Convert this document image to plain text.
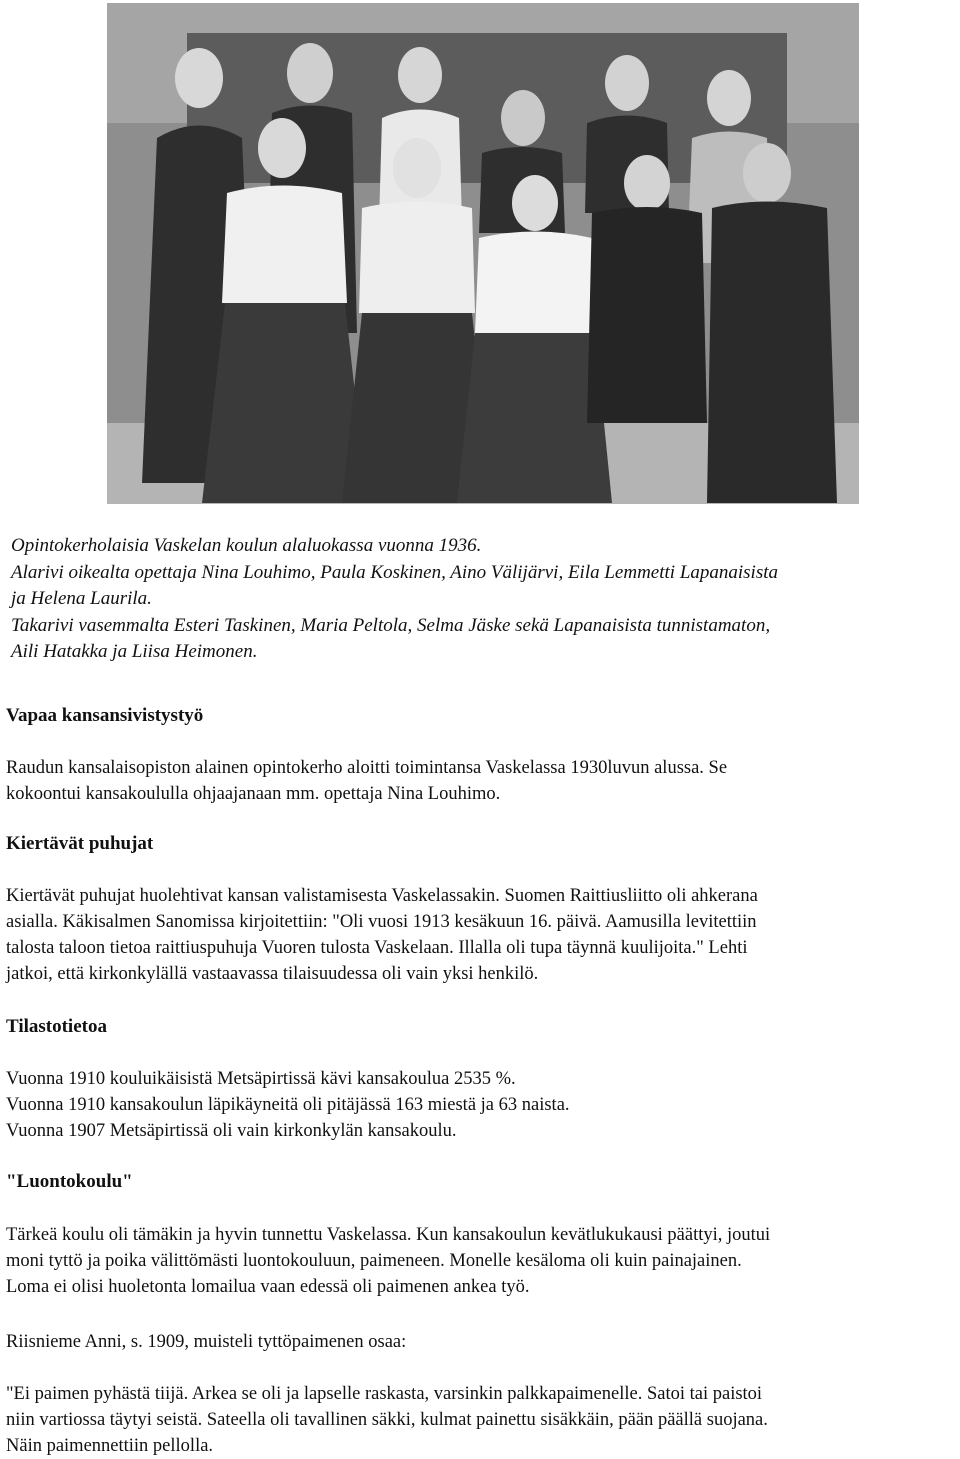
Opintokerholaisia Vaskelan koulun alaluokassa vuonna 1936.
Alarivi oikealta opettaja Nina Louhimo, Paula Koskinen, Aino Välijärvi, Eila Lemmetti Lapanaisista
ja Helena Laurila.
Takarivi vasemmalta Esteri Taskinen, Maria Peltola, Selma Jäske sekä Lapanaisista tunnistamaton,
Aili Hatakka ja Liisa Heimonen.
Vapaa kansansivistystyö
Raudun kansalaisopiston alainen opintokerho aloitti toimintansa Vaskelassa 1930luvun alussa. Se
kokoontui kansakoululla ohjaajanaan mm. opettaja Nina Louhimo.
Kiertävät puhujat
Kiertävät puhujat huolehtivat kansan valistamisesta Vaskelassakin. Suomen Raittiusliitto oli ahkerana
asialla. Käkisalmen Sanomissa kirjoitettiin: "Oli vuosi 1913 kesäkuun 16. päivä. Aamusilla levitettiin
talosta taloon tietoa raittiuspuhuja Vuoren tulosta Vaskelaan. Illalla oli tupa täynnä kuulijoita." Lehti
jatkoi, että kirkonkylällä vastaavassa tilaisuudessa oli vain yksi henkilö.
Tilastotietoa
Vuonna 1910 kouluikäisistä Metsäpirtissä kävi kansakoulua 2535 %.
Vuonna 1910 kansakoulun läpikäyneitä oli pitäjässä 163 miestä ja 63 naista.
Vuonna 1907 Metsäpirtissä oli vain kirkonkylän kansakoulu.
"Luontokoulu"
Tärkeä koulu oli tämäkin ja hyvin tunnettu Vaskelassa. Kun kansakoulun kevätlukukausi päättyi, joutui
moni tyttö ja poika välittömästi luontokouluun, paimeneen. Monelle kesäloma oli kuin painajainen.
Loma ei olisi huoletonta lomailua vaan edessä oli paimenen ankea työ.
Riisnieme Anni, s. 1909, muisteli tyttöpaimenen osaa:
"Ei paimen pyhästä tiijä. Arkea se oli ja lapselle raskasta, varsinkin palkkapaimenelle. Satoi tai paistoi
niin vartiossa täytyi seistä. Sateella oli tavallinen säkki, kulmat painettu sisäkkäin, pään päällä suojana.
Näin paimennettiin pellolla.
